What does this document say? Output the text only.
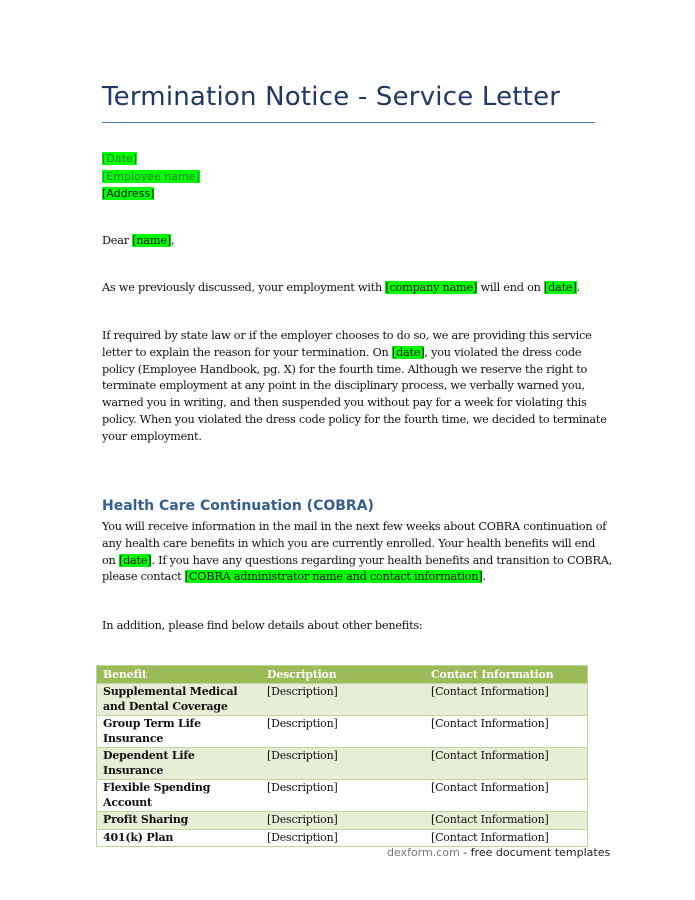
Termination Notice - Service Letter
[Date]
[Employee name]
[Address]

Dear [name],

As we previously discussed, your employment with [company name] will end on [date].

If required by state law or if the employer chooses to do so, we are providing this service
letter to explain the reason for your termination. On [date], you violated the dress code
policy (Employee Handbook, pg. X) for the fourth time. Although we reserve the right to
terminate employment at any point in the disciplinary process, we verbally warned you,
warned you in writing, and then suspended you without pay for a week for violating this
policy. When you violated the dress code policy for the fourth time, we decided to terminate
your employment.

Health Care Continuation (COBRA)

You will receive information in the mail in the next few weeks about COBRA continuation of
any health care benefits in which you are currently enrolled. Your health benefits will end
on [date]. If you have any questions regarding your health benefits and transition to COBRA,
please contact [COBRA administrator name and contact information].

In addition, please find below details about other benefits:

Benefit	Description	Contact Information
Supplemental Medical and Dental Coverage	[Description]	[Contact Information]
Group Term Life Insurance	[Description]	[Contact Information]
Dependent Life Insurance	[Description]	[Contact Information]
Flexible Spending Account	[Description]	[Contact Information]
Profit Sharing	[Description]	[Contact Information]
401(k) Plan	[Description]	[Contact Information]
dexform.com - free document templates
